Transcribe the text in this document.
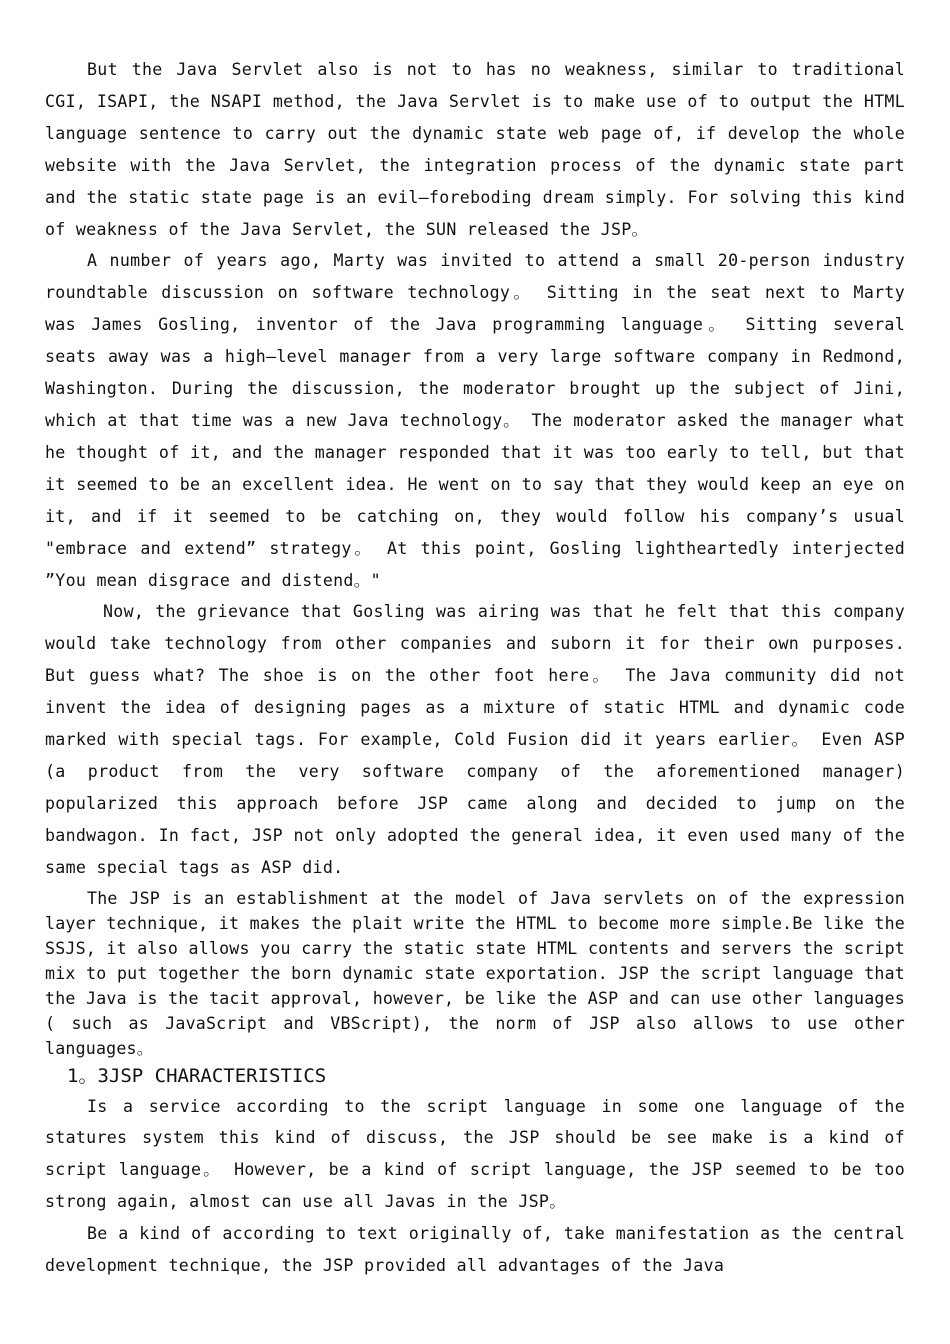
But the Java Servlet also is not to has no weakness, similar to traditional CGI, ISAPI, the NSAPI method, the Java Servlet is to make use of to output the HTML language sentence to carry out the dynamic state web page of, if develop the whole website with the Java Servlet, the integration process of the dynamic state part and the static state page is an evil—foreboding dream simply. For solving this kind of weakness of the Java Servlet, the SUN released the JSP。

A number of years ago, Marty was invited to attend a small 20-person industry roundtable discussion on software technology。 Sitting in the seat next to Marty was James Gosling, inventor of the Java programming language。 Sitting several seats away was a high—level manager from a very large software company in Redmond, Washington. During the discussion, the moderator brought up the subject of Jini, which at that time was a new Java technology。 The moderator asked the manager what he thought of it, and the manager responded that it was too early to tell, but that it seemed to be an excellent idea. He went on to say that they would keep an eye on it, and if it seemed to be catching on, they would follow his company’s usual "embrace and extend” strategy。 At this point, Gosling lightheartedly interjected ”You mean disgrace and distend。"

Now, the grievance that Gosling was airing was that he felt that this company would take technology from other companies and suborn it for their own purposes. But guess what? The shoe is on the other foot here。 The Java community did not invent the idea of designing pages as a mixture of static HTML and dynamic code marked with special tags. For example, Cold Fusion did it years earlier。 Even ASP (a product from the very software company of the aforementioned manager) popularized this approach before JSP came along and decided to jump on the bandwagon. In fact, JSP not only adopted the general idea, it even used many of the same special tags as ASP did.

The JSP is an establishment at the model of Java servlets on of the expression layer technique, it makes the plait write the HTML to become more simple.Be like the SSJS, it also allows you carry the static state HTML contents and servers the script mix to put together the born dynamic state exportation. JSP the script language that the Java is the tacit approval, however, be like the ASP and can use other languages ( such as JavaScript and VBScript), the norm of JSP also allows to use other languages。

1。3JSP CHARACTERISTICS

Is a service according to the script language in some one language of the statures system this kind of discuss, the JSP should be see make is a kind of script language。 However, be a kind of script language, the JSP seemed to be too strong again, almost can use all Javas in the JSP。

Be a kind of according to text originally of, take manifestation as the central development technique, the JSP provided all advantages of the Java
